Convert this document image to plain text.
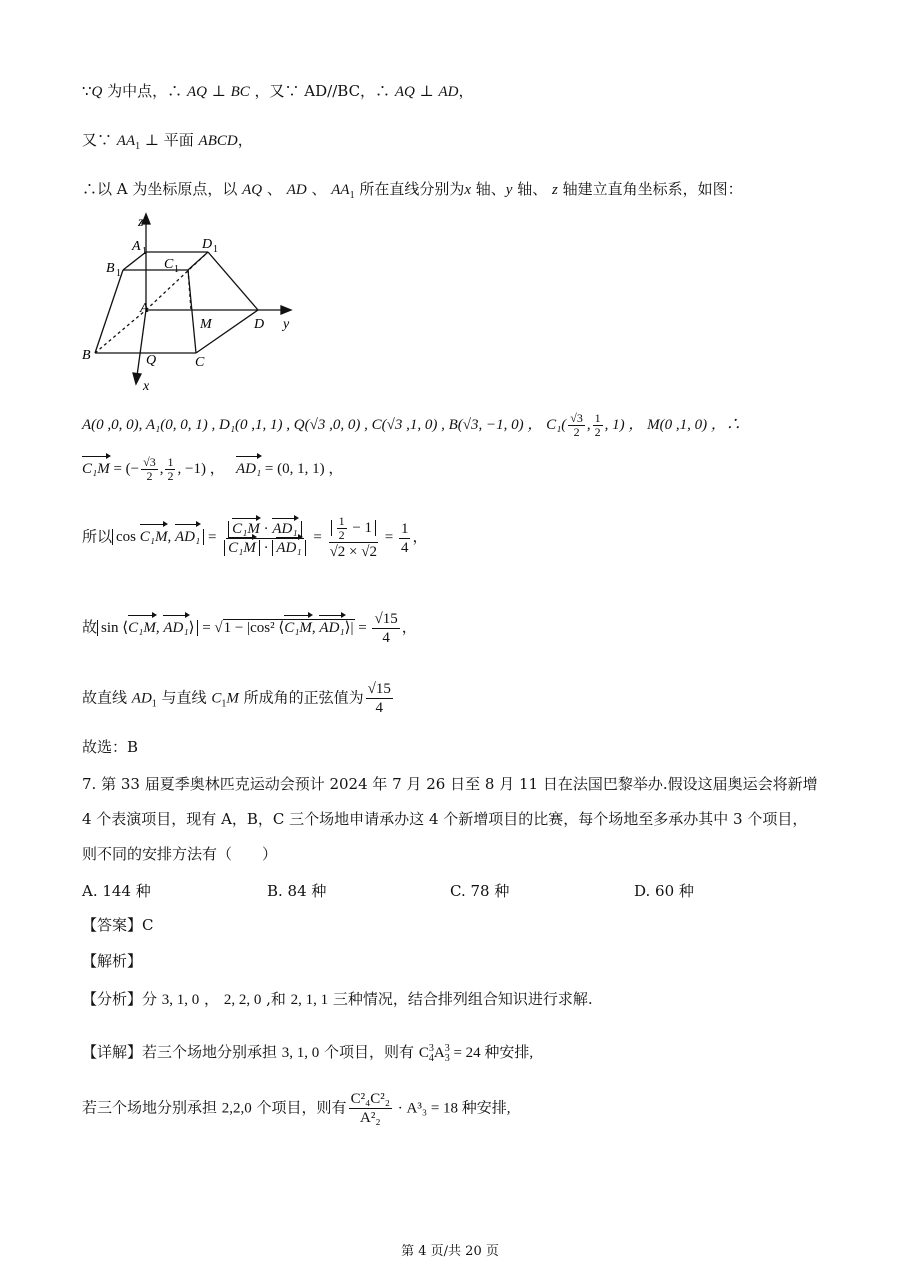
∵Q 为中点，∴ AQ ⊥ BC ，又∵ AD//BC，∴ AQ ⊥ AD，
又∵ $AA_1$ ⊥ 平面 ABCD，
∴以 A 为坐标原点，以 AQ 、 AD 、 $AA_1$ 所在直线分别为x 轴、y 轴、 z 轴建立直角坐标系，如图：
z
A 1	D 1
B 1
C 1
A
M	D y
B	Q	C
x
A(0 ,0, 0), A₁(0, 0, 1) , D₁(0 ,1, 1) , Q(√3 ,0, 0) , C(√3 ,1, 0) , B(√3, −1, 0) ， $C_1( \frac{√3}{2}$ , $\frac{1}{2}$ , 1) ， M(0 ,1, 0) ，∴
C₁M = (− $\frac{√3}{2}$ , $\frac{1}{2}$ , −1) ， AD₁ = (0, 1, 1) ，
所以 cos C₁M, $AD_1 = \frac{\text{C₁M · AD₁}}{\text{C₁M · AD₁}} = \frac{\frac{1}{2} - 1}{√2 \times √2} = \frac{1}{4}$ ，
故 sin ⟨C₁M, AD₁⟩ = √1 − |cos² ⟨C₁M, AD₁⟩| = $\frac{√15}{4}$ ，
故直线 $AD_1$ 与直线 $C_1M$ 所成角的正弦值为 $\frac{√15}{4}$
故选：B
7. 第 33 届夏季奥林匹克运动会预计 2024 年 7 月 26 日至 8 月 11 日在法国巴黎举办.假设这届奥运会将新增
4 个表演项目，现有 A，B，C 三个场地申请承办这 4 个新增项目的比赛，每个场地至多承办其中 3 个项目，
则不同的安排方法有（　　）
A. 144 种	B. 84 种	C. 78 种	D. 60 种
【答案】C
【解析】
【分析】分 3, 1, 0 ， 2, 2, 0 ,和 2, 1, 1 三种情况，结合排列组合知识进行求解.
【详解】若三个场地分别承担 3, 1, 0 个项目，则有 $C^3_4A^3_3 = 24$ 种安排,
若三个场地分别承担 2,2,0 个项目，则有 $\frac{\text{C²₄C²₂}}{\text{A²₂}} \cdot A^3_3 = 18$ 种安排,
第 4 页/共 20 页
